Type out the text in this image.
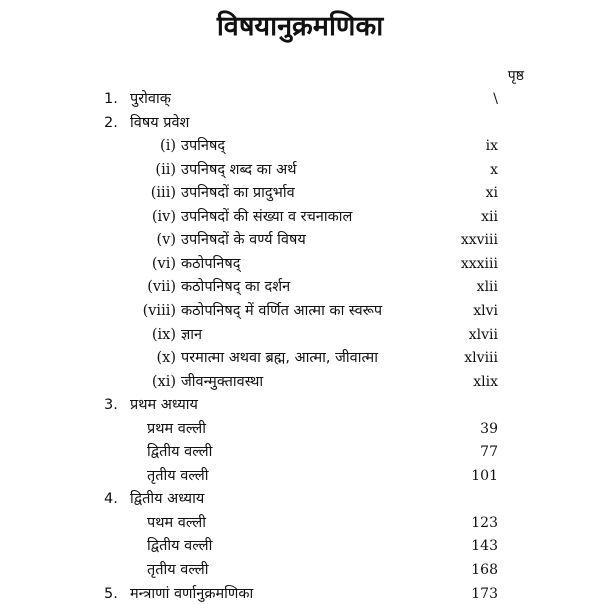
विषयानुक्रमणिका
पृष्ठ
1. पुरोवाक्	\
2. विषय प्रवेश
(i) उपनिषद्	ix
(ii) उपनिषद् शब्द का अर्थ	x
(iii) उपनिषदों का प्रादुर्भाव	xi
(iv) उपनिषदों की संख्या व रचनाकाल	xii
(v) उपनिषदों के वर्ण्य विषय	xxviii
(vi) कठोपनिषद्	xxxiii
(vii) कठोपनिषद् का दर्शन	xlii
(viii) कठोपनिषद् में वर्णित आत्मा का स्वरूप	xlvi
(ix) ज्ञान	xlvii
(x) परमात्मा अथवा ब्रह्म, आत्मा, जीवात्मा	xlviii
(xi) जीवन्मुक्तावस्था	xlix
3. प्रथम अध्याय
प्रथम वल्ली	39
द्वितीय वल्ली	77
तृतीय वल्ली	101
4. द्वितीय अध्याय
पथम वल्ली	123
द्वितीय वल्ली	143
तृतीय वल्ली	168
5. मन्त्राणां वर्णानुक्रमणिका	173
